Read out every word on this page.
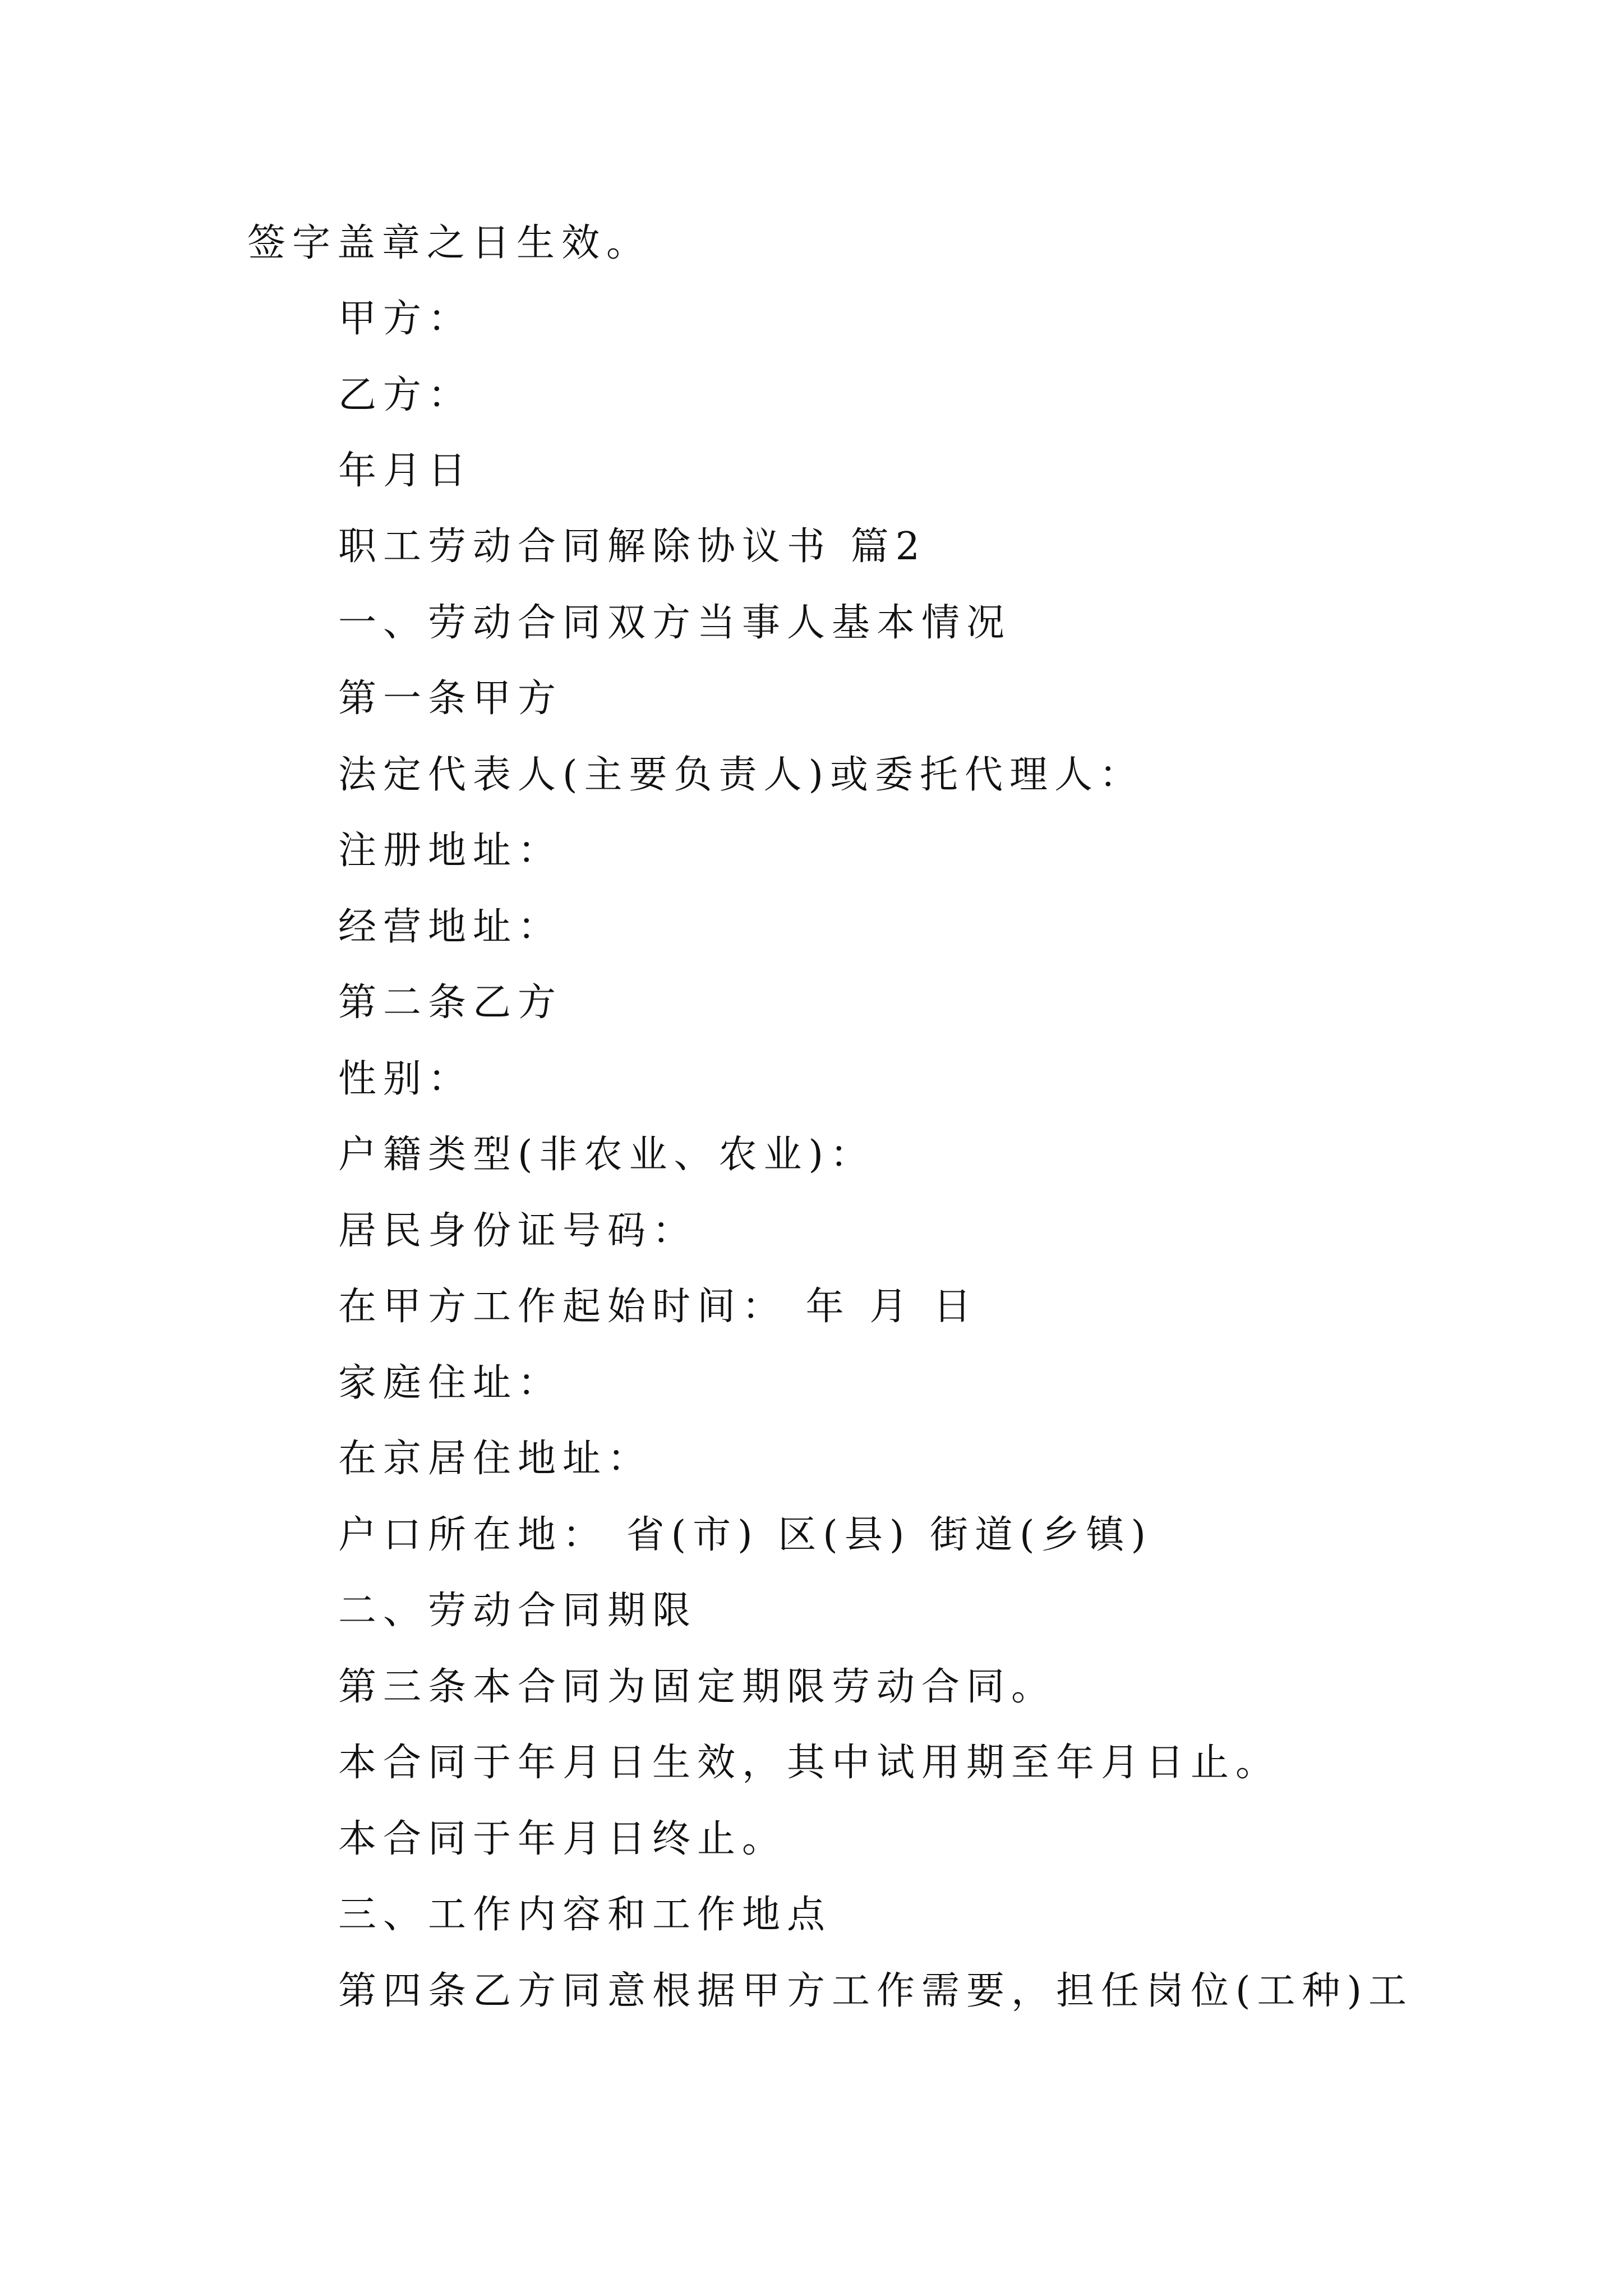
签字盖章之日生效。
甲方：
乙方：
年月日
职工劳动合同解除协议书 篇2
一、劳动合同双方当事人基本情况
第一条甲方
法定代表人(主要负责人)或委托代理人：
注册地址：
经营地址：
第二条乙方
性别：
户籍类型(非农业、农业)：
居民身份证号码：
在甲方工作起始时间： 年 月 日
家庭住址：
在京居住地址：
户口所在地： 省(市) 区(县) 街道(乡镇)
二、劳动合同期限
第三条本合同为固定期限劳动合同。
本合同于年月日生效，其中试用期至年月日止。
本合同于年月日终止。
三、工作内容和工作地点
第四条乙方同意根据甲方工作需要，担任岗位(工种)工
